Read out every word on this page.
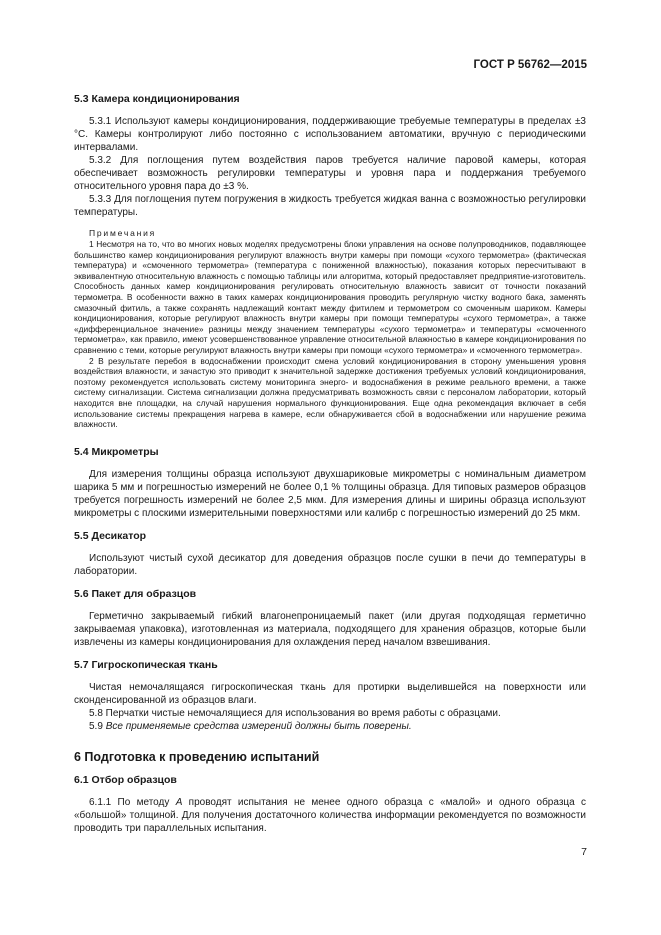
ГОСТ Р 56762—2015
5.3 Камера кондиционирования

5.3.1 Используют камеры кондиционирования, поддерживающие требуемые температуры в пределах ±3 °С. Камеры контролируют либо постоянно с использованием автоматики, вручную с периодическими интервалами.

5.3.2 Для поглощения путем воздействия паров требуется наличие паровой камеры, которая обеспечивает возможность регулировки температуры и уровня пара и поддержания требуемого относительного уровня пара до ±3 %.

5.3.3 Для поглощения путем погружения в жидкость требуется жидкая ванна с возможностью регулировки температуры.

Примечания

1 Несмотря на то, что во многих новых моделях предусмотрены блоки управления на основе полупроводников, подавляющее большинство камер кондиционирования регулируют влажность внутри камеры при помощи «сухого термометра» (фактическая температура) и «смоченного термометра» (температура с пониженной влажностью), показания которых пересчитывают в эквивалентную относительную влажность с помощью таблицы или алгоритма, который предоставляет предприятие-изготовитель. Способность данных камер кондиционирования регулировать относительную влажность зависит от точности показаний термометра. В особенности важно в таких камерах кондиционирования проводить регулярную чистку водного бака, заменять смазочный фитиль, а также сохранять надлежащий контакт между фитилем и термометром со смоченным шариком. Камеры кондиционирования, которые регулируют влажность внутри камеры при помощи температуры «сухого термометра», а также «дифференциальное значение» разницы между значением температуры «сухого термометра» и температуры «смоченного термометра», как правило, имеют усовершенствованное управление относительной влажностью в камере кондиционирования по сравнению с теми, которые регулируют влажность внутри камеры при помощи «сухого термометра» и «смоченного термометра».

2 В результате перебоя в водоснабжении происходит смена условий кондиционирования в сторону уменьшения уровня воздействия влажности, и зачастую это приводит к значительной задержке достижения требуемых условий кондиционирования, поэтому рекомендуется использовать систему мониторинга энерго- и водоснабжения в режиме реального времени, а также систему сигнализации. Система сигнализации должна предусматривать возможность связи с персоналом лаборатории, который находится вне площадки, на случай нарушения нормального функционирования. Еще одна рекомендация включает в себя использование системы прекращения нагрева в камере, если обнаруживается сбой в водоснабжении или нарушение режима влажности.

5.4 Микрометры

Для измерения толщины образца используют двухшариковые микрометры с номинальным диаметром шарика 5 мм и погрешностью измерений не более 0,1 % толщины образца. Для типовых размеров образцов требуется погрешность измерений не более 2,5 мкм. Для измерения длины и ширины образца используют микрометры с плоскими измерительными поверхностями или калибр с погрешностью измерений до 25 мкм.

5.5 Десикатор

Используют чистый сухой десикатор для доведения образцов после сушки в печи до температуры в лаборатории.

5.6 Пакет для образцов

Герметично закрываемый гибкий влагонепроницаемый пакет (или другая подходящая герметично закрываемая упаковка), изготовленная из материала, подходящего для хранения образцов, которые были извлечены из камеры кондиционирования для охлаждения перед началом взвешивания.

5.7 Гигроскопическая ткань

Чистая немочалящаяся гигроскопическая ткань для протирки выделившейся на поверхности или сконденсированной из образцов влаги.

5.8 Перчатки чистые немочалящиеся для использования во время работы с образцами.

5.9 Все применяемые средства измерений должны быть поверены.

6 Подготовка к проведению испытаний
6.1 Отбор образцов

6.1.1 По методу А проводят испытания не менее одного образца с «малой» и одного образца с «большой» толщиной. Для получения достаточного количества информации рекомендуется по возможности проводить три параллельных испытания.

7
